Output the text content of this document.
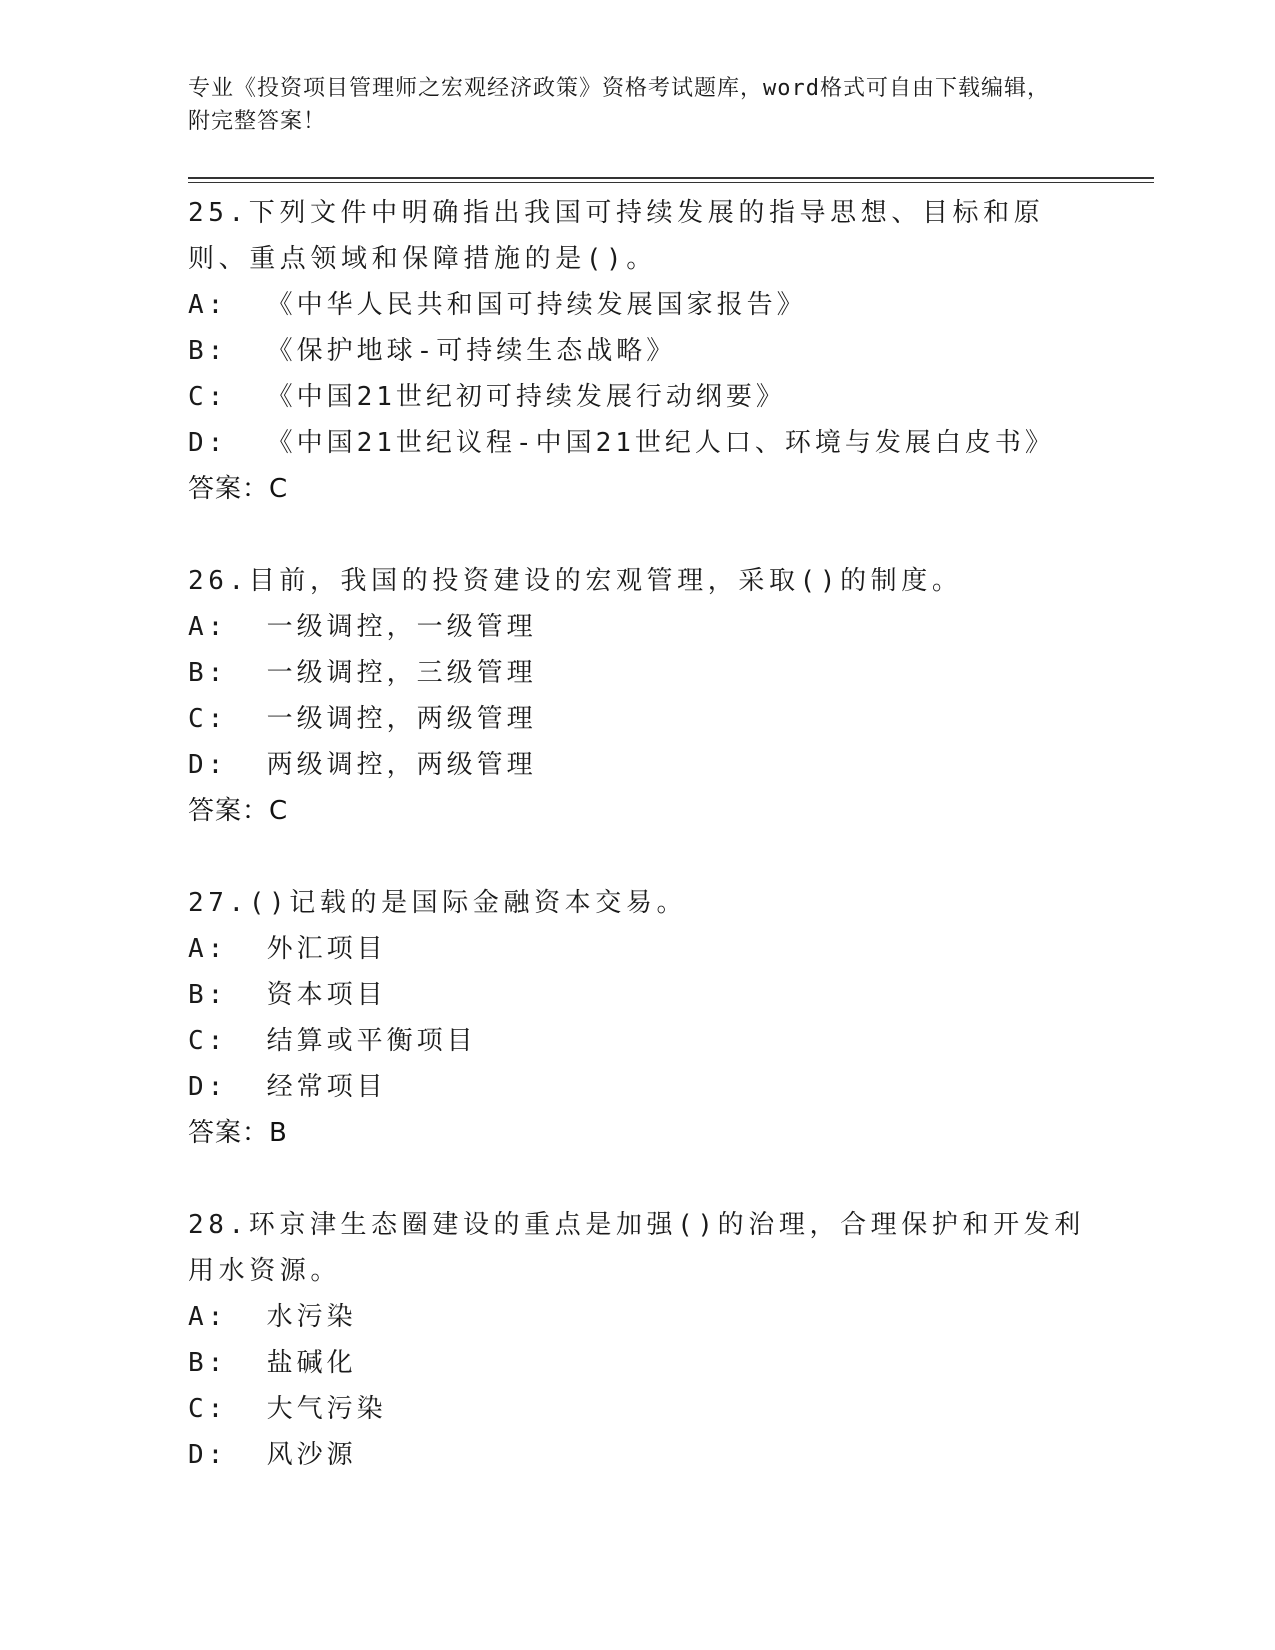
专业《投资项目管理师之宏观经济政策》资格考试题库，word格式可自由下载编辑，附完整答案！
25.下列文件中明确指出我国可持续发展的指导思想、目标和原则、重点领域和保障措施的是()。
A:  《中华人民共和国可持续发展国家报告》
B:  《保护地球-可持续生态战略》
C:  《中国21世纪初可持续发展行动纲要》
D:  《中国21世纪议程-中国21世纪人口、环境与发展白皮书》
答案：C
26.目前，我国的投资建设的宏观管理，采取()的制度。
A:  一级调控，一级管理
B:  一级调控，三级管理
C:  一级调控，两级管理
D:  两级调控，两级管理
答案：C
27.()记载的是国际金融资本交易。
A:  外汇项目
B:  资本项目
C:  结算或平衡项目
D:  经常项目
答案：B
28.环京津生态圈建设的重点是加强()的治理，合理保护和开发利用水资源。
A:  水污染
B:  盐碱化
C:  大气污染
D:  风沙源
